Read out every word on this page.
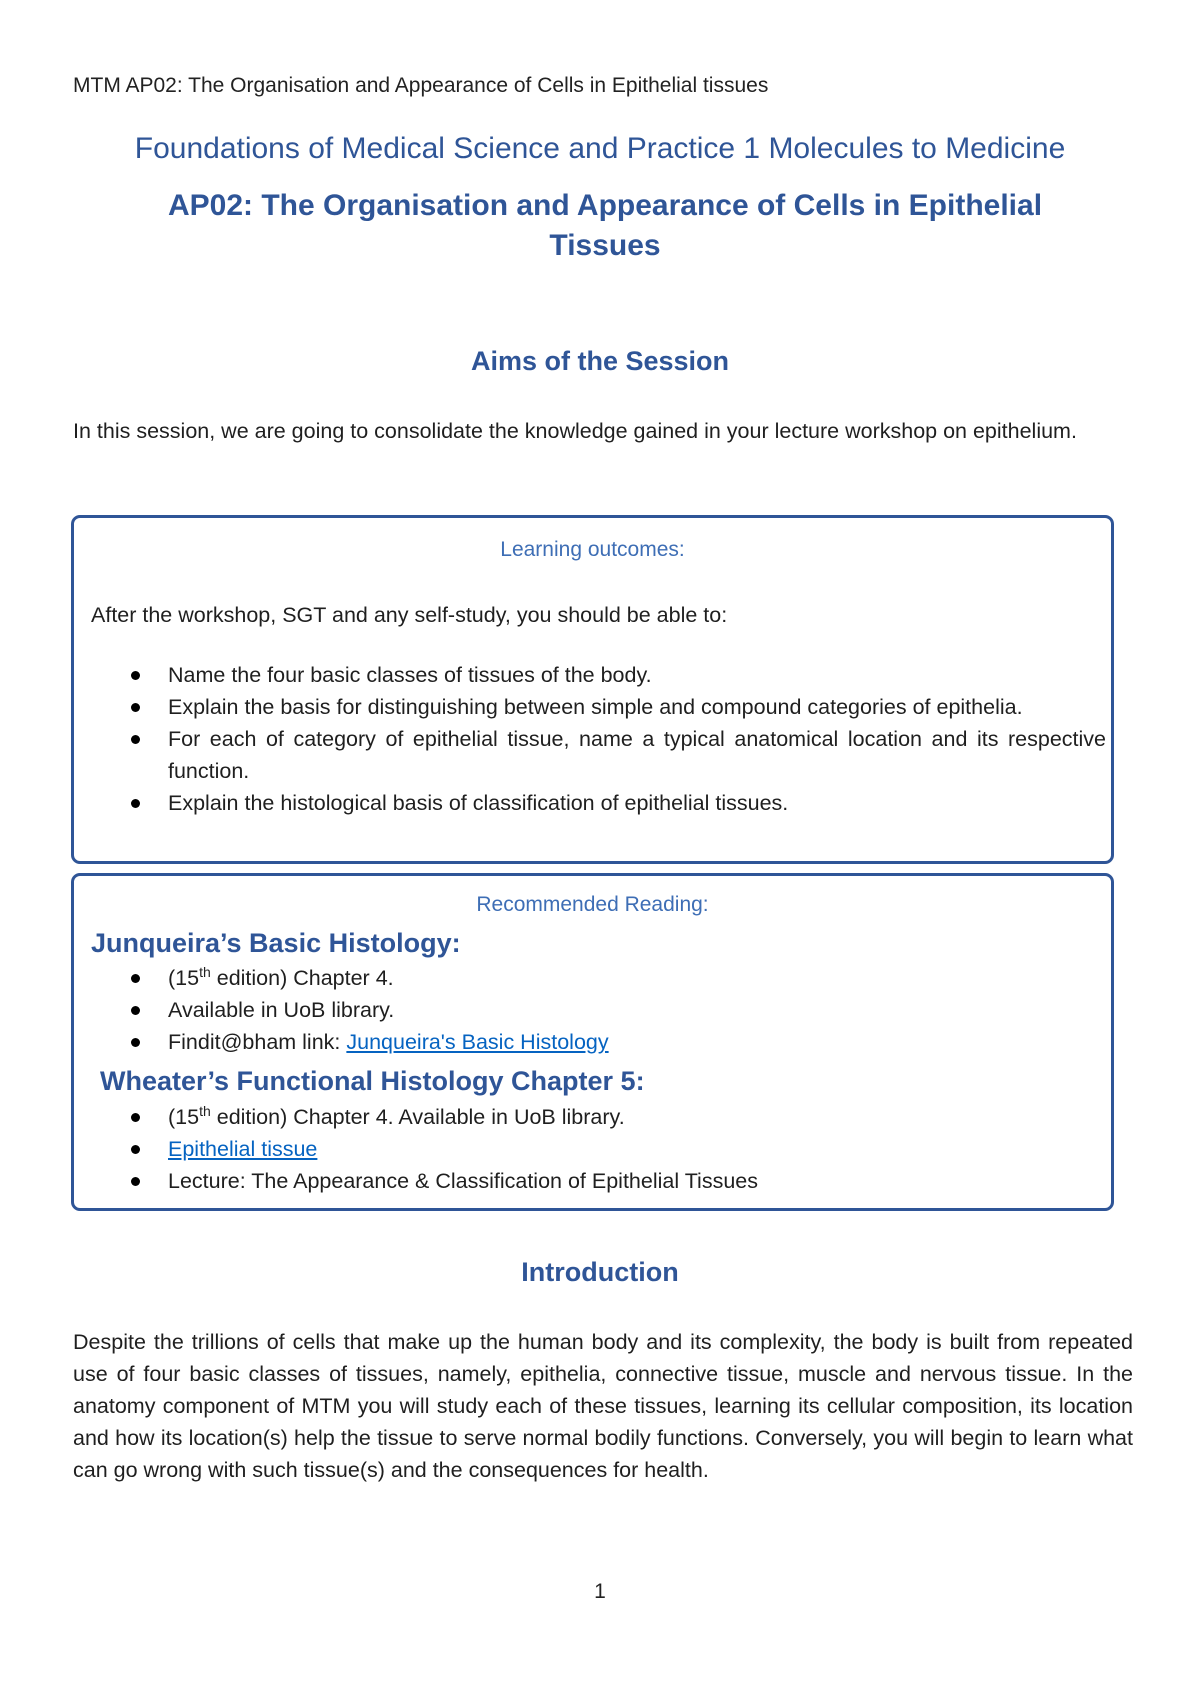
MTM AP02: The Organisation and Appearance of Cells in Epithelial tissues
Foundations of Medical Science and Practice 1 Molecules to Medicine
AP02: The Organisation and Appearance of Cells in Epithelial Tissues
Aims of the Session
In this session, we are going to consolidate the knowledge gained in your lecture workshop on epithelium.
Learning outcomes:
After the workshop, SGT and any self-study, you should be able to:
Name the four basic classes of tissues of the body.
Explain the basis for distinguishing between simple and compound categories of epithelia.
For each of category of epithelial tissue, name a typical anatomical location and its respective function.
Explain the histological basis of classification of epithelial tissues.
Recommended Reading:
Junqueira’s Basic Histology:
(15th edition) Chapter 4.
Available in UoB library.
Findit@bham link: Junqueira's Basic Histology
Wheater’s Functional Histology Chapter 5:
(15th edition) Chapter 4. Available in UoB library.
Epithelial tissue
Lecture: The Appearance & Classification of Epithelial Tissues
Introduction
Despite the trillions of cells that make up the human body and its complexity, the body is built from repeated use of four basic classes of tissues, namely, epithelia, connective tissue, muscle and nervous tissue. In the anatomy component of MTM you will study each of these tissues, learning its cellular composition, its location and how its location(s) help the tissue to serve normal bodily functions. Conversely, you will begin to learn what can go wrong with such tissue(s) and the consequences for health.
1
